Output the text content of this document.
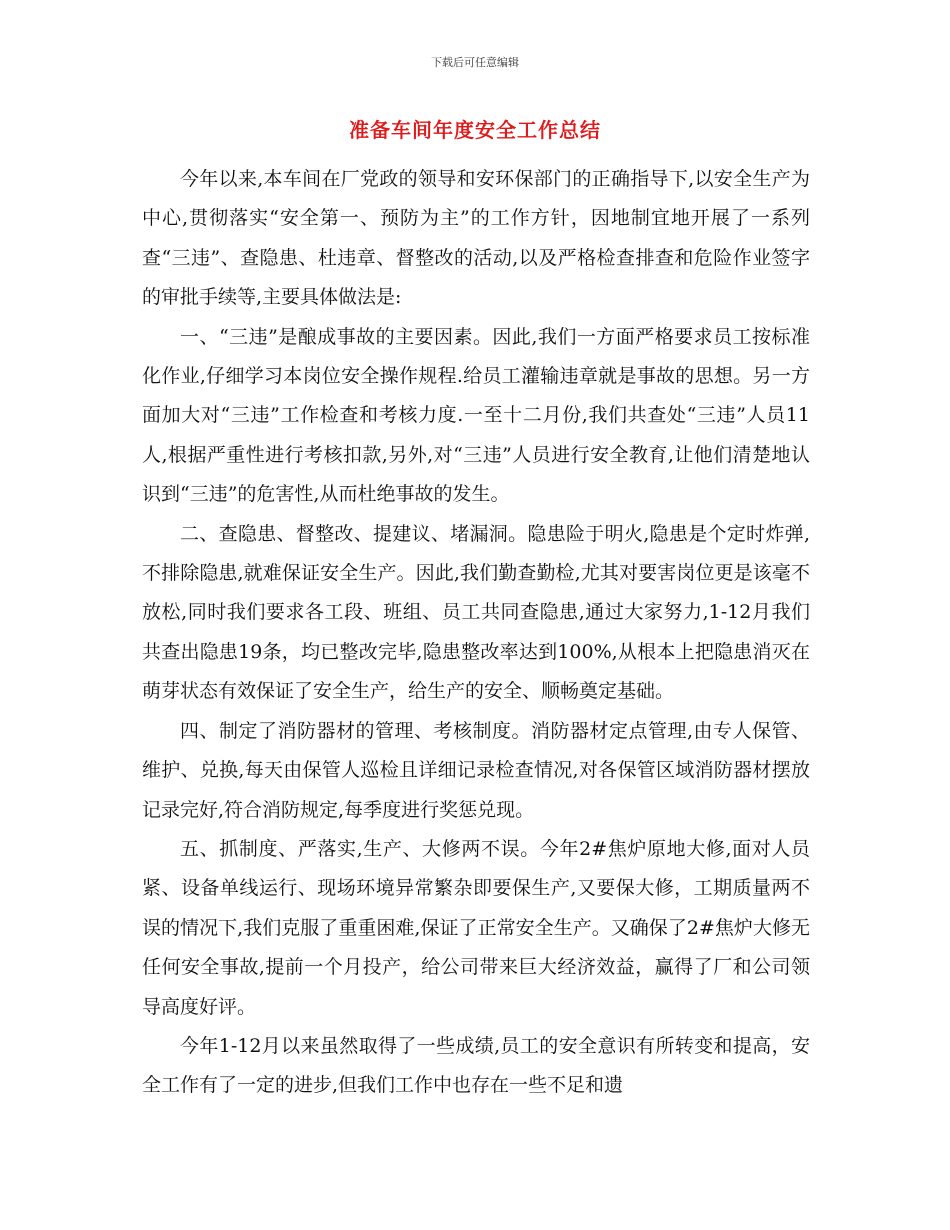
下载后可任意编辑
准备车间年度安全工作总结

今年以来,本车间在厂党政的领导和安环保部门的正确指导下,以安全生产为中心,贯彻落实“安全第一、预防为主”的工作方针，因地制宜地开展了一系列查“三违”、查隐患、杜违章、督整改的活动,以及严格检查排查和危险作业签字的审批手续等,主要具体做法是:

一、“三违”是酿成事故的主要因素。因此,我们一方面严格要求员工按标准化作业,仔细学习本岗位安全操作规程.给员工灌输违章就是事故的思想。另一方面加大对“三违”工作检查和考核力度.一至十二月份,我们共查处“三违”人员11人,根据严重性进行考核扣款,另外,对“三违”人员进行安全教育,让他们清楚地认识到“三违”的危害性,从而杜绝事故的发生。

二、查隐患、督整改、提建议、堵漏洞。隐患险于明火,隐患是个定时炸弹,不排除隐患,就难保证安全生产。因此,我们勤查勤检,尤其对要害岗位更是该毫不放松,同时我们要求各工段、班组、员工共同查隐患,通过大家努力,1-12月我们共查出隐患19条，均已整改完毕,隐患整改率达到100%,从根本上把隐患消灭在萌芽状态有效保证了安全生产，给生产的安全、顺畅奠定基础。

四、制定了消防器材的管理、考核制度。消防器材定点管理,由专人保管、维护、兑换,每天由保管人巡检且详细记录检查情况,对各保管区域消防器材摆放记录完好,符合消防规定,每季度进行奖惩兑现。

五、抓制度、严落实,生产、大修两不误。今年2#焦炉原地大修,面对人员紧、设备单线运行、现场环境异常繁杂即要保生产,又要保大修，工期质量两不误的情况下,我们克服了重重困难,保证了正常安全生产。又确保了2#焦炉大修无任何安全事故,提前一个月投产，给公司带来巨大经济效益，赢得了厂和公司领导高度好评。

今年1-12月以来虽然取得了一些成绩,员工的安全意识有所转变和提高，安全工作有了一定的进步,但我们工作中也存在一些不足和遗
